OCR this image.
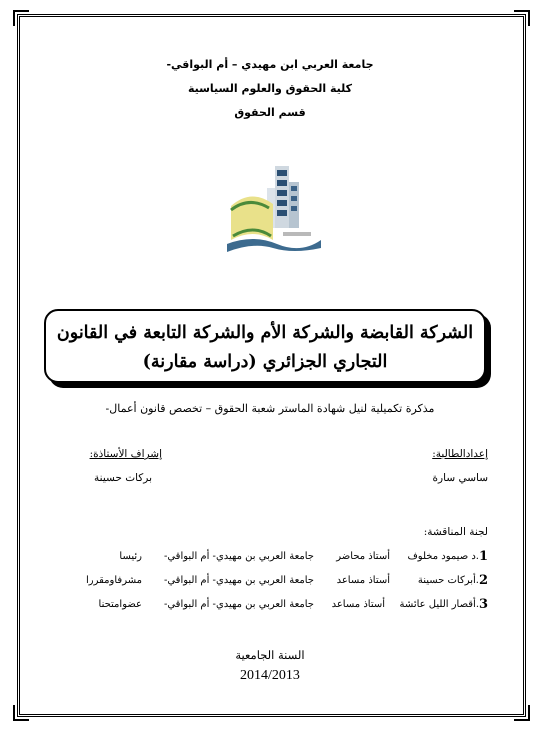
جامعة العربي ابن مهيدي – أم البواقي-
كلية الحقوق والعلوم السياسية
قسم الحقوق
الشركة القابضة والشركة الأم والشركة التابعة في القانون
التجاري الجزائري (دراسة مقارنة)
مذكرة تكميلية لنيل شهادة الماستر شعبة الحقوق – تخصص قانون أعمال-
إعدادالطالبة:
ساسي سارة
إشراف الأستاذة:
بركات حسينة
لجنة المناقشة:
1
.د صيمود مخلوف
أستاذ محاضر
جامعة العربي بن مهيدي- أم البواقي-
رئيسا
2
.أبركات حسينة
أستاذ مساعد
جامعة العربي بن مهيدي- أم البواقي-
مشرفاومقررا
3
.أقصار الليل عائشة
أستاذ مساعد
جامعة العربي بن مهيدي- أم البواقي-
عضوامتحنا
السنة الجامعية
2014/2013
